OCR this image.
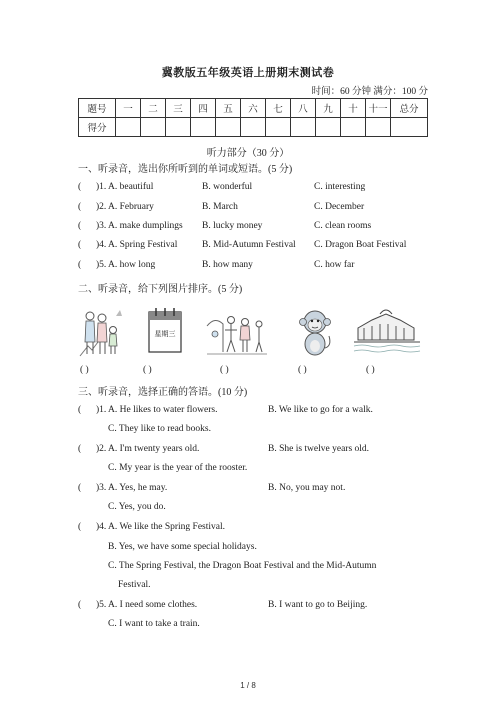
冀教版五年级英语上册期末测试卷
时间：60 分钟 满分：100 分
题号	一	二	三	四	五	六	七	八	九	十	十一	总分
得分												
听力部分（30 分）
一、听录音，选出你所听到的单词或短语。(5 分)
( )1. A. beautiful	B. wonderful	C. interesting
( )2. A. February	B. March	C. December
( )3. A. make dumplings B. lucky money	C. clean rooms
( )4. A. Spring Festival	B. Mid-Autumn Festival C. Dragon Boat Festival
( )5. A. how long	B. how many	C. how far
二、听录音，给下列图片排序。(5 分)
星期三
( )	( )	( )	( )	( )
三、听录音，选择正确的答语。(10 分)
( )1. A. He likes to water flowers.	B. We like to go for a walk.
C. They like to read books.
( )2. A. I'm twenty years old.	B. She is twelve years old.
C. My year is the year of the rooster.
( )3. A. Yes, he may.	B. No, you may not.
C. Yes, you do.
( )4. A. We like the Spring Festival.
B. Yes, we have some special holidays.
C. The Spring Festival, the Dragon Boat Festival and the Mid-Autumn
Festival.
( )5. A. I need some clothes.	B. I want to go to Beijing.
C. I want to take a train.
1 / 8
